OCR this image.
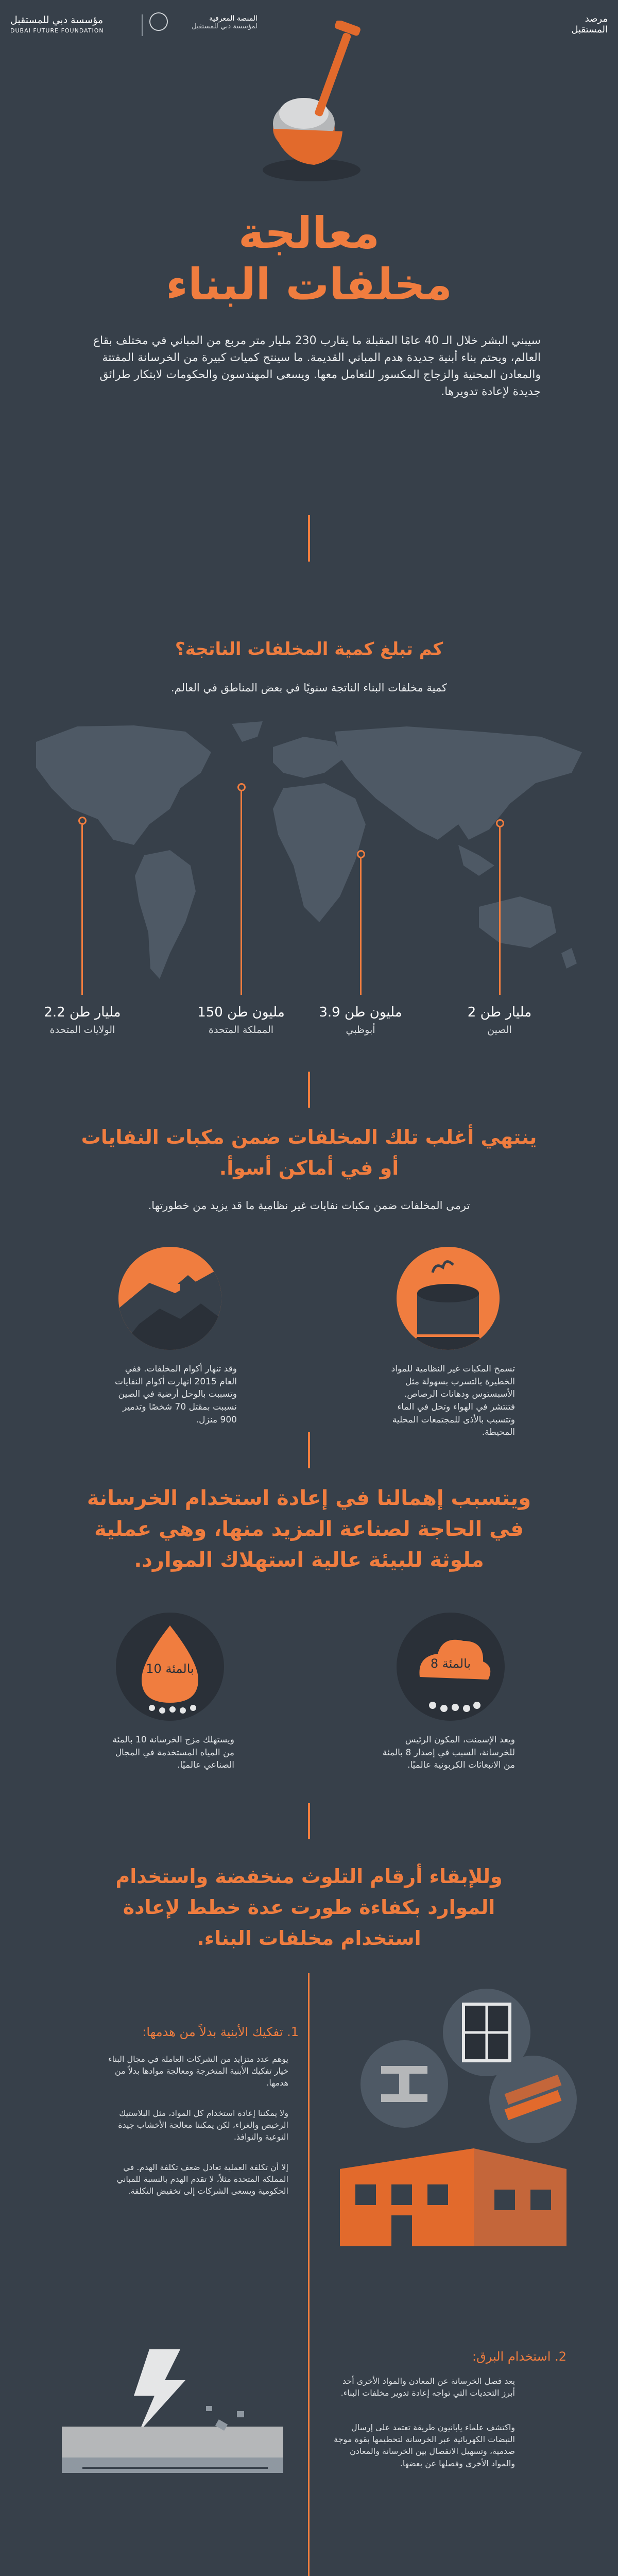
مؤسسة دبي للمستقبل
DUBAI FUTURE FOUNDATION
المنصة المعرفية
لمؤسسة دبي للمستقبل
مرصد
المستقبل
معالجة
مخلفات البناء
سيبني البشر خلال الـ 40 عامًا المقبلة ما يقارب 230 مليار متر مربع من المباني في مختلف بقاع العالم، ويحتم بناء أبنية جديدة هدم المباني القديمة. ما سينتج كميات كبيرة من الخرسانة المفتتة والمعادن المحنية والزجاج المكسور للتعامل معها. ويسعى المهندسون والحكومات لابتكار طرائق جديدة لإعادة تدويرها.
كم تبلغ كمية المخلفات الناتجة؟
كمية مخلفات البناء الناتجة سنويًا في بعض المناطق في العالم.
2.2 مليار طن
الولايات المتحدة
150 مليون طن
المملكة المتحدة
3.9 مليون طن
أبوظبي
2 مليار طن
الصين
ينتهي أغلب تلك المخلفات ضمن مكبات النفايات
أو في أماكن أسوأ.
ترمى المخلفات ضمن مكبات نفايات غير نظامية ما قد يزيد من خطورتها.
وقد تنهار أكوام المخلفات. ففي العام 2015 انهارت أكوام النفايات وتسببت بالوحل أرضية في الصين نسببت بمقتل 70 شخصًا وتدمير 900 منزل.
تسمح المكبات غير النظامية للمواد الخطيرة بالتسرب بسهولة مثل الأسبستوس ودهانات الرصاص. فتنتشر في الهواء وتحل في الماء وتتسبب بالأذى للمجتمعات المحلية المحيطة.
ويتسبب إهمالنا في إعادة استخدام الخرسانة
في الحاجة لصناعة المزيد منها، وهي عملية
ملوثة للبيئة عالية استهلاك الموارد.
10 بالمئة	8 بالمئة
ويستهلك مزج الخرسانة 10 بالمئة من المياه المستخدمة في المجال الصناعي عالميًا.
ويعد الإسمنت، المكون الرئيس للخرسانة، السبب في إصدار 8 بالمئة من الانبعاثات الكربونية عالميًا.
وللإبقاء أرقام التلوث منخفضة واستخدام
الموارد بكفاءة طورت عدة خطط لإعادة
استخدام مخلفات البناء.
1. تفكيك الأبنية بدلاً من هدمها:
يوهم عدد متزايد من الشركات العاملة في مجال البناء خيار تفكيك الأبنية المتخرجة ومعالجة موادها بدلاً من هدمها.
ولا يمكننا إعادة استخدام كل المواد، مثل البلاستيك الرخيص والغراء، لكن يمكننا معالجة الأخشاب جيدة النوعية والنوافذ.
إلا أن تكلفة العملية تعادل ضعف تكلفة الهدم. في المملكة المتحدة مثلاً، لا تقدم الهدم بالنسبة للمباني الحكومية ويسعى الشركات إلى تخفيض التكلفة.
2. استخدام البرق:
يعد فصل الخرسانة عن المعادن والمواد الأخرى أحد أبرز التحديات التي تواجه إعادة تدوير مخلفات البناء.
واكتشف علماء يابانيون طريقة تعتمد على إرسال النبضات الكهربائية عبر الخرسانة لتحطيمها بقوة موجة صدمية، وتسهيل الانفصال بين الخرسانة والمعادن والمواد الأخرى وفصلها عن بعضها.
